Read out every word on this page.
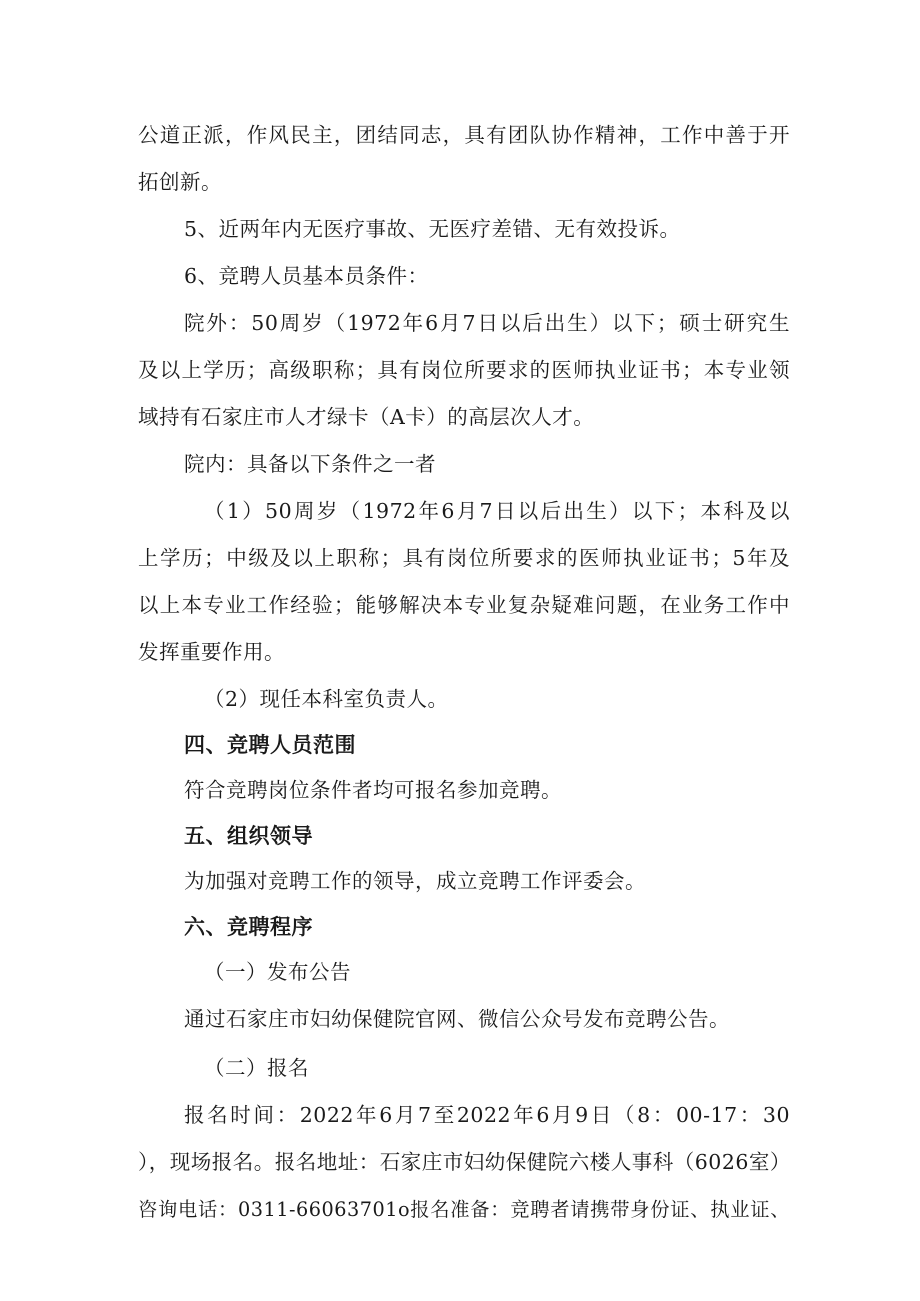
公道正派，作风民主，团结同志，具有团队协作精神，工作中善于开
拓创新。
5、近两年内无医疗事故、无医疗差错、无有效投诉。
6、竞聘人员基本员条件：
院外：50周岁（1972年6月7日以后出生）以下；硕士研究生
及以上学历；高级职称；具有岗位所要求的医师执业证书；本专业领
域持有石家庄市人才绿卡（A卡）的高层次人才。
院内：具备以下条件之一者
（1）50周岁（1972年6月7日以后出生）以下；本科及以
上学历；中级及以上职称；具有岗位所要求的医师执业证书；5年及
以上本专业工作经验；能够解决本专业复杂疑难问题，在业务工作中
发挥重要作用。
（2）现任本科室负责人。
四、竞聘人员范围
符合竞聘岗位条件者均可报名参加竞聘。
五、组织领导
为加强对竞聘工作的领导，成立竞聘工作评委会。
六、竞聘程序
（一）发布公告
通过石家庄市妇幼保健院官网、微信公众号发布竞聘公告。
（二）报名
报名时间：2022年6月7至2022年6月9日（8：00-17：30
），现场报名。报名地址：石家庄市妇幼保健院六楼人事科（6026室）
咨询电话：0311-66063701o报名准备：竞聘者请携带身份证、执业证、
